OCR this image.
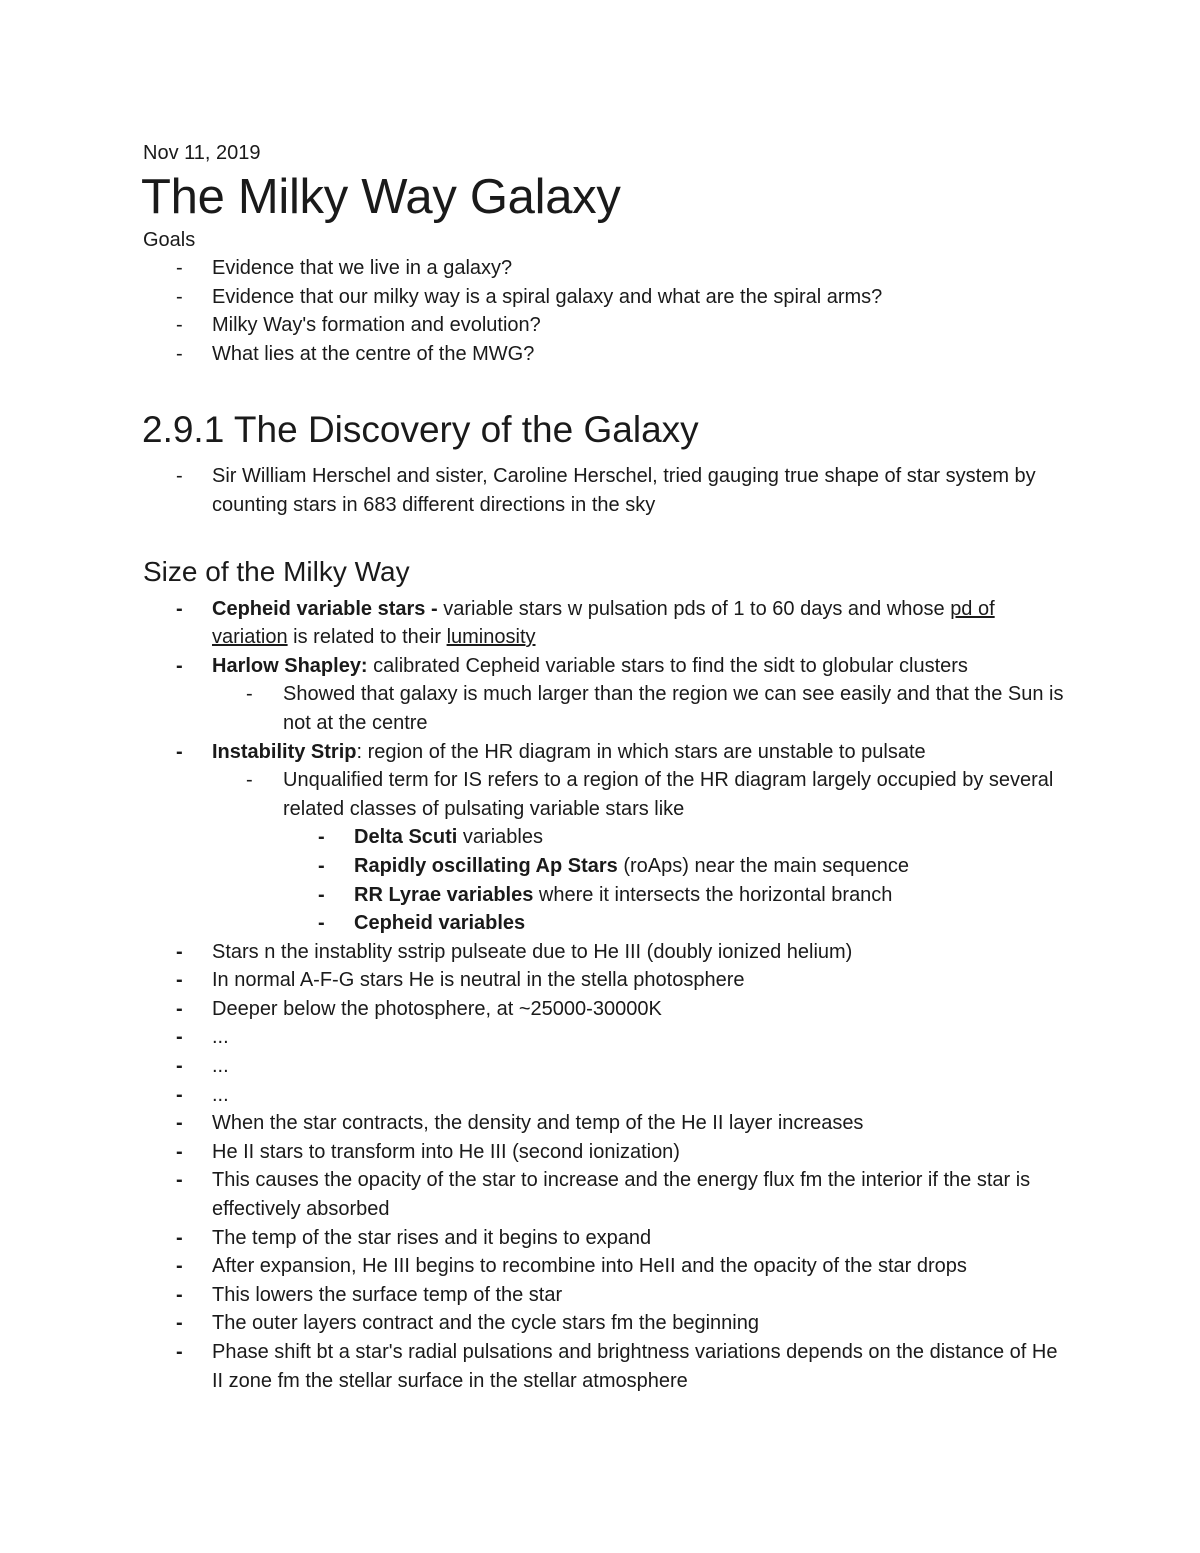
Nov 11, 2019

The Milky Way Galaxy

Goals

- Evidence that we live in a galaxy?
- Evidence that our milky way is a spiral galaxy and what are the spiral arms?
- Milky Way's formation and evolution?
- What lies at the centre of the MWG?
2.9.1 The Discovery of the Galaxy
- Sir William Herschel and sister, Caroline Herschel, tried gauging true shape of star system by counting stars in 683 different directions in the sky
Size of the Milky Way
- Cepheid variable stars - variable stars w pulsation pds of 1 to 60 days and whose pd of variation is related to their luminosity
- Harlow Shapley: calibrated Cepheid variable stars to find the sidt to globular clusters
- Showed that galaxy is much larger than the region we can see easily and that the Sun is not at the centre
- Instability Strip: region of the HR diagram in which stars are unstable to pulsate
- Unqualified term for IS refers to a region of the HR diagram largely occupied by several related classes of pulsating variable stars like
- Delta Scuti variables
- Rapidly oscillating Ap Stars (roAps) near the main sequence
- RR Lyrae variables where it intersects the horizontal branch
- Cepheid variables
- Stars n the instablity sstrip pulseate due to He III (doubly ionized helium)
- In normal A-F-G stars He is neutral in the stella photosphere
- Deeper below the photosphere, at ~25000-30000K
- ...
- ...
- ...
- When the star contracts, the density and temp of the He II layer increases
- He II stars to transform into He III (second ionization)
- This causes the opacity of the star to increase and the energy flux fm the interior if the star is effectively absorbed
- The temp of the star rises and it begins to expand
- After expansion, He III begins to recombine into HeII and the opacity of the star drops
- This lowers the surface temp of the star
- The outer layers contract and the cycle stars fm the beginning
- Phase shift bt a star's radial pulsations and brightness variations depends on the distance of He II zone fm the stellar surface in the stellar atmosphere
